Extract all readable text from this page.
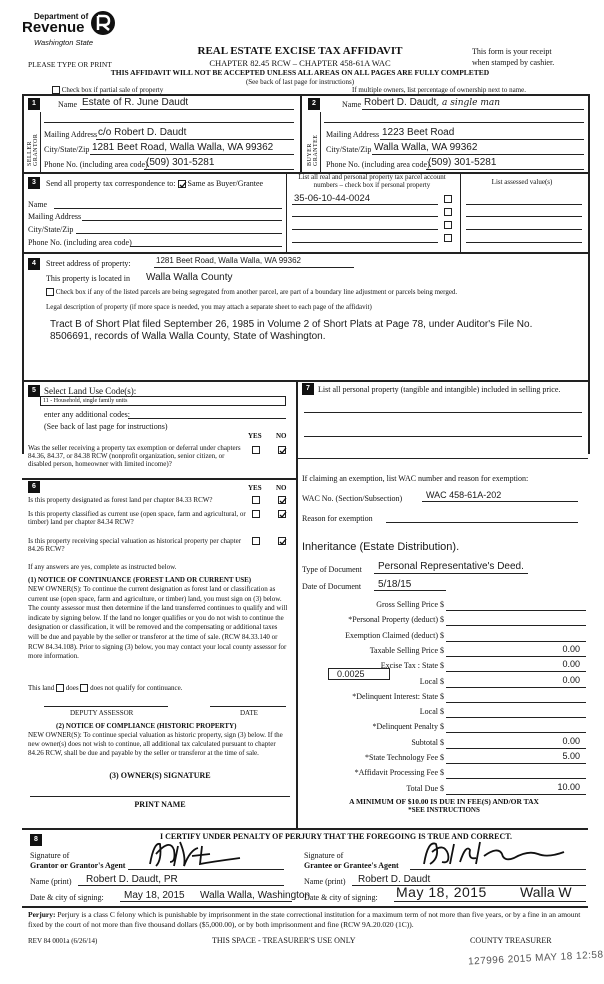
Department of
Revenue
Washington State
PLEASE TYPE OR PRINT
REAL ESTATE EXCISE TAX AFFIDAVIT
CHAPTER 82.45 RCW – CHAPTER 458-61A WAC
This form is your receipt
when stamped by cashier.
THIS AFFIDAVIT WILL NOT BE ACCEPTED UNLESS ALL AREAS ON ALL PAGES ARE FULLY COMPLETED
(See back of last page for instructions)
Check box if partial sale of property	If multiple owners, list percentage of ownership next to name.
1
SELLER GRANTOR
Name Estate of R. June Daudt
Mailing Address c/o Robert D. Daudt
City/State/Zip 1281 Beet Road, Walla Walla, WA 99362
Phone No. (including area code)
(509) 301-5281
2
BUYER GRANTEE
Name Robert D. Daudt, a single man
Mailing Address 1223 Beet Road
City/State/Zip Walla Walla, WA 99362
Phone No. (including area code)
(509) 301-5281
3	Send all property tax correspondence to: Same as Buyer/Grantee
List all real and personal property tax parcel account numbers – check box if personal property	List assessed value(s)
Name
Mailing Address
City/State/Zip
Phone No. (including area code)
35-06-10-44-0024
4	Street address of property:	1281 Beet Road, Walla Walla, WA 99362
This property is located in Walla Walla County
Check box if any of the listed parcels are being segregated from another parcel, are part of a boundary line adjustment or parcels being merged.
Legal description of property (if more space is needed, you may attach a separate sheet to each page of the affidavit)
Tract B of Short Plat filed September 26, 1985 in Volume 2 of Short Plats at Page 78, under Auditor's File No. 8506691, records of Walla Walla County, State of Washington.
5 Select Land Use Code(s):
11 - Household, single family units
enter any additional codes:
(See back of last page for instructions)
YES NO
Was the seller receiving a property tax exemption or deferral under chapters 84.36, 84.37, or 84.38 RCW (nonprofit organization, senior citizen, or disabled person, homeowner with limited income)?
7	List all personal property (tangible and intangible) included in selling price.
6	YES NO
Is this property designated as forest land per chapter 84.33 RCW?
Is this property classified as current use (open space, farm and agricultural, or timber) land per chapter 84.34 RCW?
Is this property receiving special valuation as historical property per chapter 84.26 RCW?
If any answers are yes, complete as instructed below.
(1) NOTICE OF CONTINUANCE (FOREST LAND OR CURRENT USE)
NEW OWNER(S): To continue the current designation as forest land or classification as current use (open space, farm and agriculture, or timber) land, you must sign on (3) below. The county assessor must then determine if the land transferred continues to qualify and will indicate by signing below. If the land no longer qualifies or you do not wish to continue the designation or classification, it will be removed and the compensating or additional taxes will be due and payable by the seller or transferor at the time of sale. (RCW 84.33.140 or RCW 84.34.108). Prior to signing (3) below, you may contact your local county assessor for more information.
This land does does not qualify for continuance.
DEPUTY ASSESSOR	DATE
(2) NOTICE OF COMPLIANCE (HISTORIC PROPERTY)
NEW OWNER(S): To continue special valuation as historic property, sign (3) below. If the new owner(s) does not wish to continue, all additional tax calculated pursuant to chapter 84.26 RCW, shall be due and payable by the seller or transferor at the time of sale.
(3) OWNER(S) SIGNATURE
PRINT NAME
If claiming an exemption, list WAC number and reason for exemption:
WAC No. (Section/Subsection)	WAC 458-61A-202
Reason for exemption
Inheritance (Estate Distribution).
Type of Document Personal Representative's Deed.
Date of Document 5/18/15
Gross Selling Price $
*Personal Property (deduct) $
Exemption Claimed (deduct) $
Taxable Selling Price $	0.00
Excise Tax : State $	0.00
Local $	0.00
*Delinquent Interest: State $
Local $
*Delinquent Penalty $
Subtotal $	0.00
*State Technology Fee $	5.00
*Affidavit Processing Fee $
Total Due $	10.00
0.0025
A MINIMUM OF $10.00 IS DUE IN FEE(S) AND/OR TAX
*SEE INSTRUCTIONS
8	I CERTIFY UNDER PENALTY OF PERJURY THAT THE FOREGOING IS TRUE AND CORRECT.
Signature of
Grantor or Grantor's Agent
Name (print) Robert D. Daudt, PR
Date & city of signing: May 18, 2015 Walla Walla, Washington
Signature of
Grantee or Grantee's Agent
Name (print) Robert D. Daudt
Date & city of signing: May 18, 2015 Walla W
Perjury: Perjury is a class C felony which is punishable by imprisonment in the state correctional institution for a maximum term of not more than five years, or by a fine in an amount fixed by the court of not more than five thousand dollars ($5,000.00), or by both imprisonment and fine (RCW 9A.20.020 (1C)).
REV 84 0001a (6/26/14)	THIS SPACE - TREASURER'S USE ONLY	COUNTY TREASURER
127996 2015 MAY 18 12:58
